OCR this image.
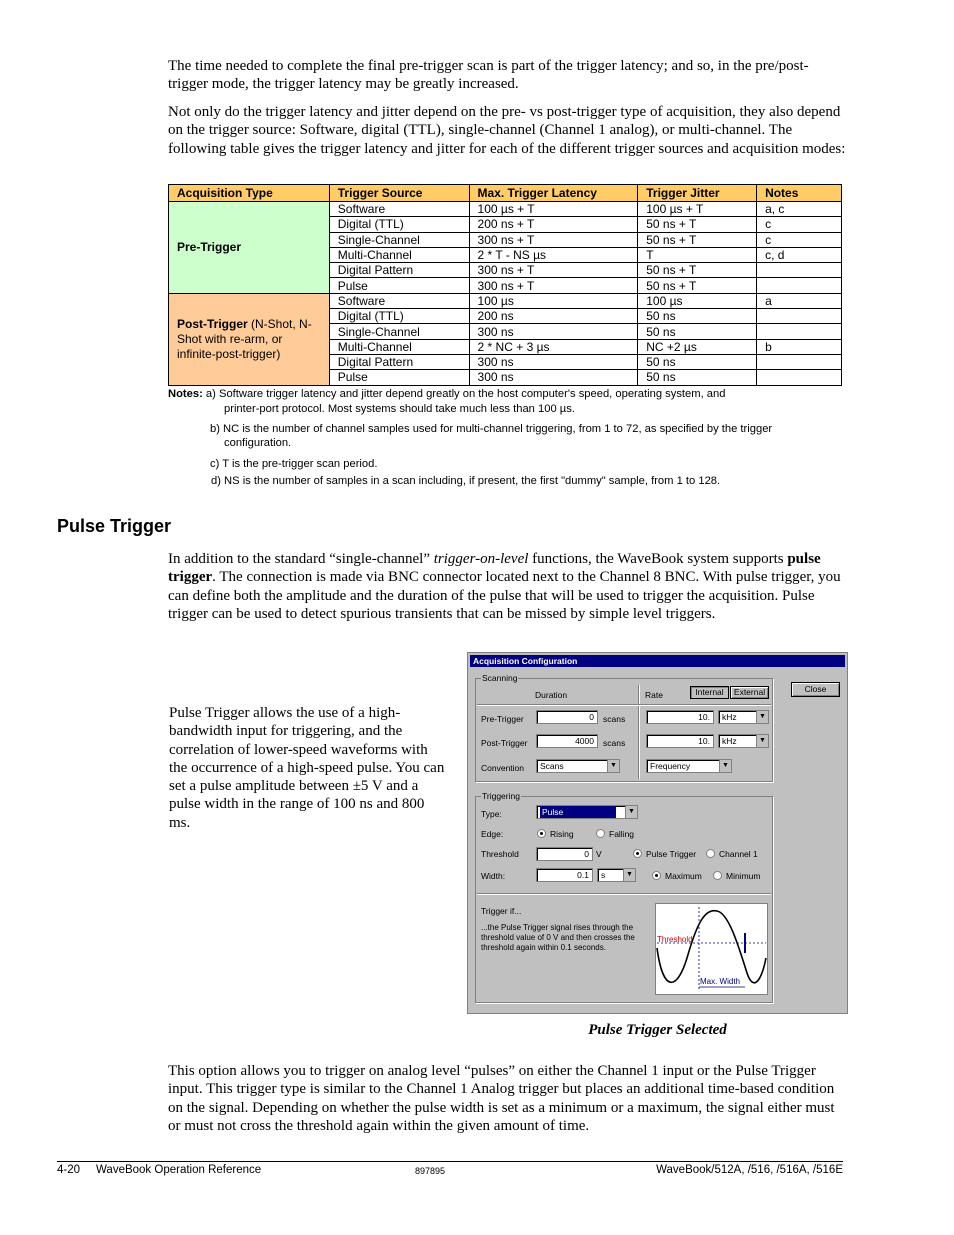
The time needed to complete the final pre-trigger scan is part of the trigger latency; and so, in the pre/post-trigger mode, the trigger latency may be greatly increased.

Not only do the trigger latency and jitter depend on the pre- vs post-trigger type of acquisition, they also depend on the trigger source: Software, digital (TTL), single-channel (Channel 1 analog), or multi-channel. The following table gives the trigger latency and jitter for each of the different trigger sources and acquisition modes:

Acquisition Type	Trigger Source	Max. Trigger Latency	Trigger Jitter	Notes
Pre-Trigger	Software	100 µs + T	100 µs + T	a, c
	Digital (TTL)	200 ns + T	50 ns + T	c
	Single-Channel	300 ns + T	50 ns + T	c
	Multi-Channel	2 * T - NS µs	T	c, d
	Digital Pattern	300 ns + T	50 ns + T	
	Pulse	300 ns + T	50 ns + T	
Post-Trigger (N-Shot, N-Shot with re-arm, or infinite-post-trigger)	Software	100 µs	100 µs	a
	Digital (TTL)	200 ns	50 ns	
	Single-Channel	300 ns	50 ns	
	Multi-Channel	2 * NC + 3 µs	NC +2 µs	b
	Digital Pattern	300 ns	50 ns	
	Pulse	300 ns	50 ns	
Notes: a) Software trigger latency and jitter depend greatly on the host computer's speed, operating system, and
printer-port protocol. Most systems should take much less than 100 µs.
b) NC is the number of channel samples used for multi-channel triggering, from 1 to 72, as specified by the trigger
configuration.
c) T is the pre-trigger scan period.
d) NS is the number of samples in a scan including, if present, the first "dummy" sample, from 1 to 128.
Pulse Trigger

In addition to the standard “single-channel” trigger-on-level functions, the WaveBook system supports pulse trigger. The connection is made via BNC connector located next to the Channel 8 BNC. With pulse trigger, you can define both the amplitude and the duration of the pulse that will be used to trigger the acquisition. Pulse trigger can be used to detect spurious transients that can be missed by simple level triggers.

Pulse Trigger allows the use of a high-bandwidth input for triggering, and the correlation of lower-speed waveforms with the occurrence of a high-speed pulse. You can set a pulse amplitude between ±5 V and a pulse width in the range of 100 ns and 800 ms.

Acquisition Configuration
Scanning
Close
Duration	Rate	Internal	External
Pre-Trigger	0	scans	10.	kHz	▼
Post-Trigger	4000	scans	10.	kHz	▼
Convention	Scans	▼	Frequency	▼
Triggering
Type:	Pulse	▼
Edge:	Rising	Falling
Threshold	0 V	Pulse Trigger	Channel 1
Width:	0.1	s	▼	Maximum	Minimum
Trigger if...
...the Pulse Trigger signal rises through the threshold value of 0 V and then crosses the threshold again within 0.1 seconds.
Threshold
Max. Width
Pulse Trigger Selected

This option allows you to trigger on analog level “pulses” on either the Channel 1 input or the Pulse Trigger input. This trigger type is similar to the Channel 1 Analog trigger but places an additional time-based condition on the signal. Depending on whether the pulse width is set as a minimum or a maximum, the signal either must or must not cross the threshold again within the given amount of time.

4-20 WaveBook Operation Reference	897895	WaveBook/512A, /516, /516A, /516E
